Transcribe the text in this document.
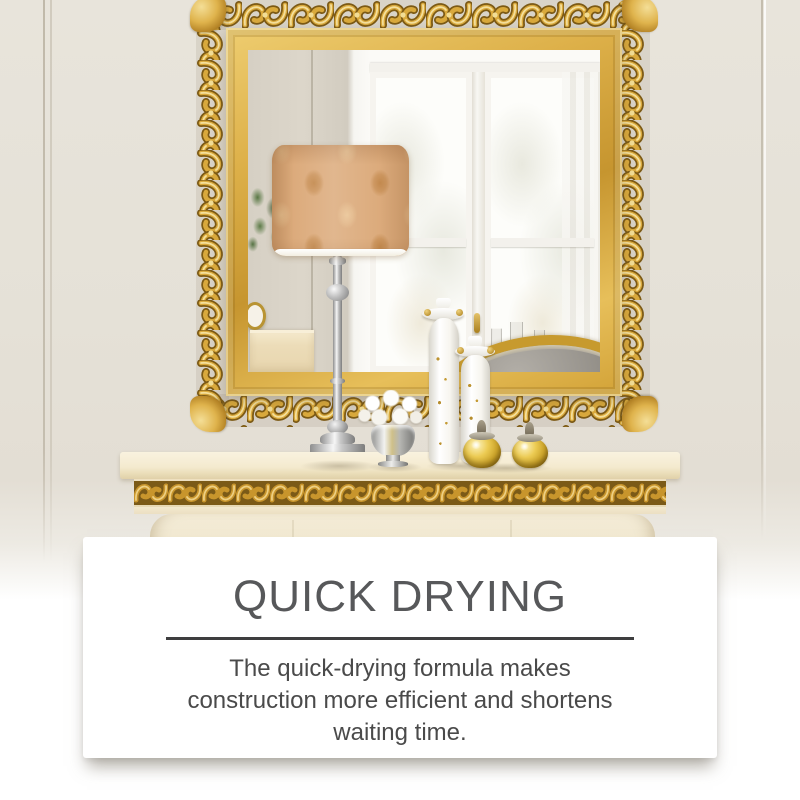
QUICK DRYING
The quick-drying formula makes
construction more efficient and shortens
waiting time.
